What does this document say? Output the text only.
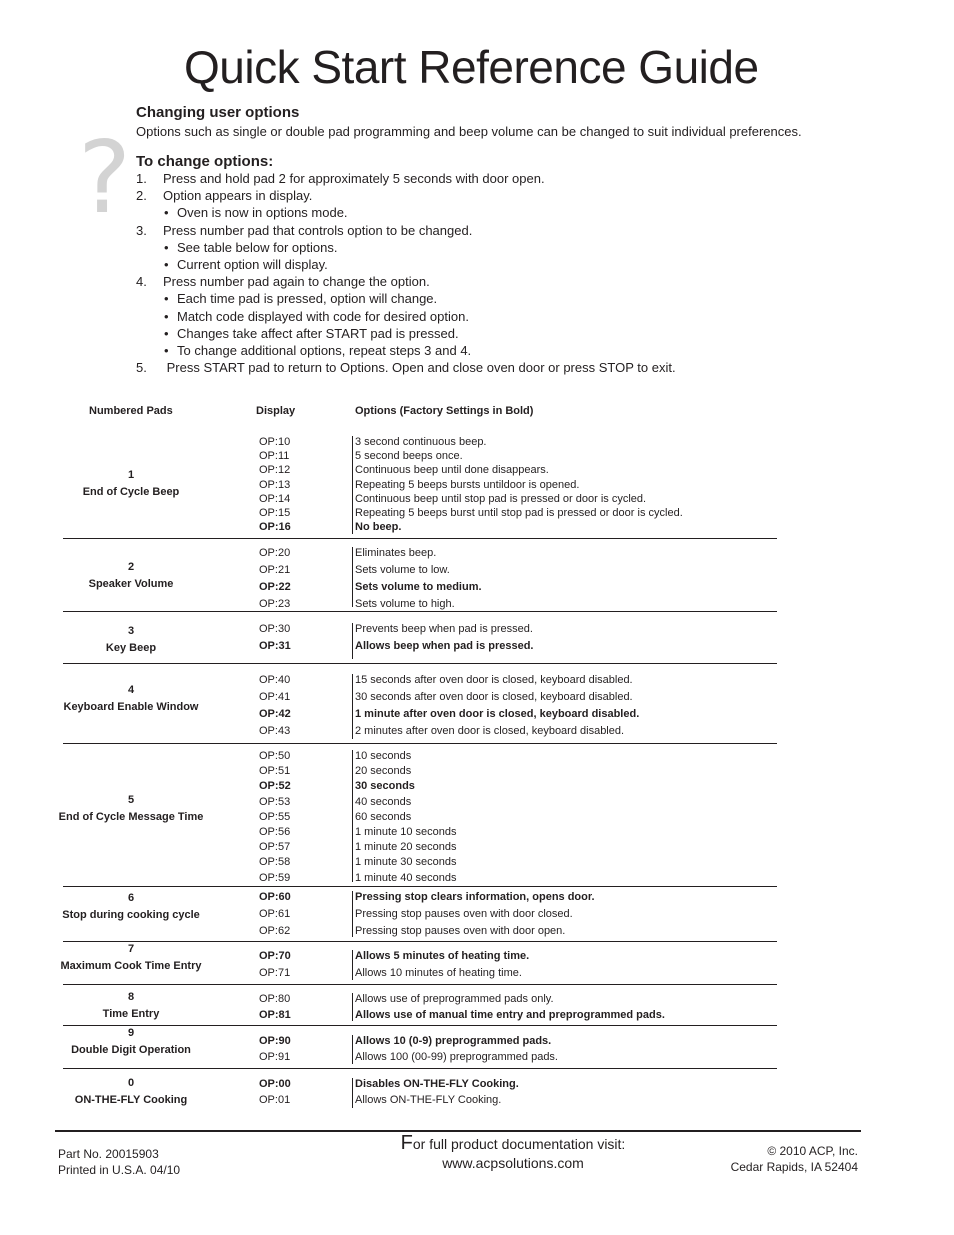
Quick Start Reference Guide
?
Changing user options
Options such as single or double pad programming and beep volume can be changed to suit individual preferences.
To change options:
1. Press and hold pad 2 for approximately 5 seconds with door open.
2. Option appears in display.
• Oven is now in options mode.
3. Press number pad that controls option to be changed.
• See table below for options.
• Current option will display.
4. Press number pad again to change the option.
• Each time pad is pressed, option will change.
• Match code displayed with code for desired option.
• Changes take affect after START pad is pressed.
• To change additional options, repeat steps 3 and 4.
5. Press START pad to return to Options. Open and close oven door or press STOP to exit.
Numbered Pads	Display	Options (Factory Settings in Bold)
1
End of Cycle Beep
OP:10	3 second continuous beep.
OP:11	5 second beeps once.
OP:12	Continuous beep until done disappears.
OP:13	Repeating 5 beeps bursts untildoor is opened.
OP:14	Continuous beep until stop pad is pressed or door is cycled.
OP:15	Repeating 5 beeps burst until stop pad is pressed or door is cycled.
OP:16	No beep.
2
Speaker Volume
OP:20	Eliminates beep.
OP:21	Sets volume to low.
OP:22	Sets volume to medium.
OP:23	Sets volume to high.
3
Key Beep
OP:30	Prevents beep when pad is pressed.
OP:31	Allows beep when pad is pressed.
4
Keyboard Enable Window
OP:40	15 seconds after oven door is closed, keyboard disabled.
OP:41	30 seconds after oven door is closed, keyboard disabled.
OP:42	1 minute after oven door is closed, keyboard disabled.
OP:43	2 minutes after oven door is closed, keyboard disabled.
5
End of Cycle Message Time
OP:50	10 seconds
OP:51	20 seconds
OP:52	30 seconds
OP:53	40 seconds
OP:55	60 seconds
OP:56	1 minute 10 seconds
OP:57	1 minute 20 seconds
OP:58	1 minute 30 seconds
OP:59	1 minute 40 seconds
6
Stop during cooking cycle
OP:60	Pressing stop clears information, opens door.
OP:61	Pressing stop pauses oven with door closed.
OP:62	Pressing stop pauses oven with door open.
7
Maximum Cook Time Entry
OP:70	Allows 5 minutes of heating time.
OP:71	Allows 10 minutes of heating time.
8
Time Entry
OP:80	Allows use of preprogrammed pads only.
OP:81	Allows use of manual time entry and preprogrammed pads.
9
Double Digit Operation
OP:90	Allows 10 (0-9) preprogrammed pads.
OP:91	Allows 100 (00-99) preprogrammed pads.
0
ON-THE-FLY Cooking
OP:00	Disables ON-THE-FLY Cooking.
OP:01	Allows ON-THE-FLY Cooking.
Part No. 20015903
Printed in U.S.A. 04/10
For full product documentation visit:
www.acpsolutions.com
© 2010 ACP, Inc.
Cedar Rapids, IA 52404
